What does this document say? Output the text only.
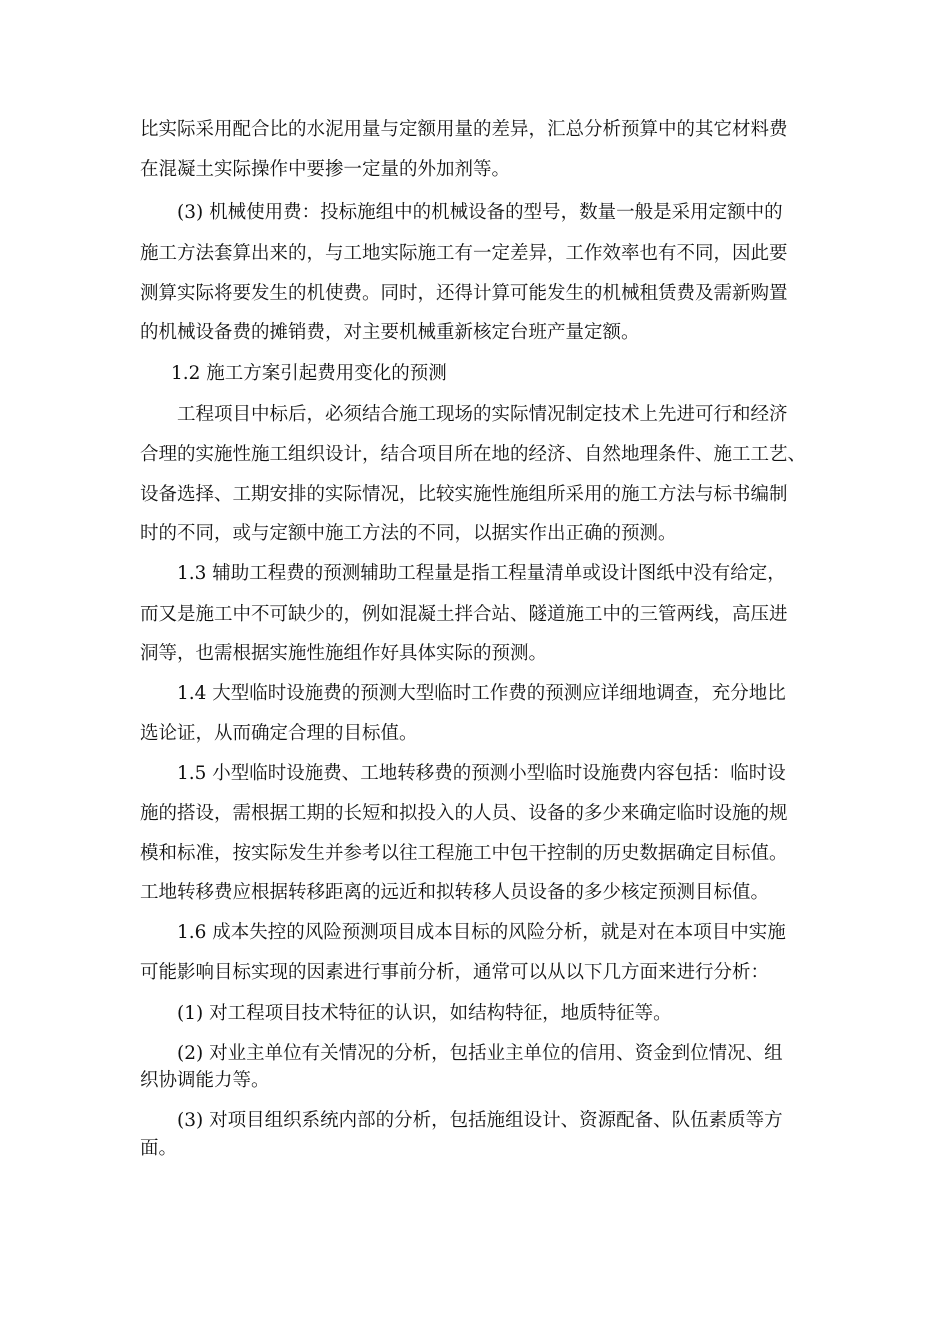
比实际采用配合比的水泥用量与定额用量的差异，汇总分析预算中的其它材料费
在混凝土实际操作中要掺一定量的外加剂等。
(3) 机械使用费：投标施组中的机械设备的型号，数量一般是采用定额中的
施工方法套算出来的，与工地实际施工有一定差异，工作效率也有不同，因此要
测算实际将要发生的机使费。同时，还得计算可能发生的机械租赁费及需新购置
的机械设备费的摊销费，对主要机械重新核定台班产量定额。
1.2 施工方案引起费用变化的预测
工程项目中标后，必须结合施工现场的实际情况制定技术上先进可行和经济
合理的实施性施工组织设计，结合项目所在地的经济、自然地理条件、施工工艺、
设备选择、工期安排的实际情况，比较实施性施组所采用的施工方法与标书编制
时的不同，或与定额中施工方法的不同，以据实作出正确的预测。
1.3 辅助工程费的预测辅助工程量是指工程量清单或设计图纸中没有给定，
而又是施工中不可缺少的，例如混凝土拌合站、隧道施工中的三管两线，高压进
洞等，也需根据实施性施组作好具体实际的预测。
1.4 大型临时设施费的预测大型临时工作费的预测应详细地调查，充分地比
选论证，从而确定合理的目标值。
1.5 小型临时设施费、工地转移费的预测小型临时设施费内容包括：临时设
施的搭设，需根据工期的长短和拟投入的人员、设备的多少来确定临时设施的规
模和标准，按实际发生并参考以往工程施工中包干控制的历史数据确定目标值。
工地转移费应根据转移距离的远近和拟转移人员设备的多少核定预测目标值。
1.6 成本失控的风险预测项目成本目标的风险分析，就是对在本项目中实施
可能影响目标实现的因素进行事前分析，通常可以从以下几方面来进行分析：
(1) 对工程项目技术特征的认识，如结构特征，地质特征等。
(2) 对业主单位有关情况的分析，包括业主单位的信用、资金到位情况、组
织协调能力等。
(3) 对项目组织系统内部的分析，包括施组设计、资源配备、队伍素质等方
面。
